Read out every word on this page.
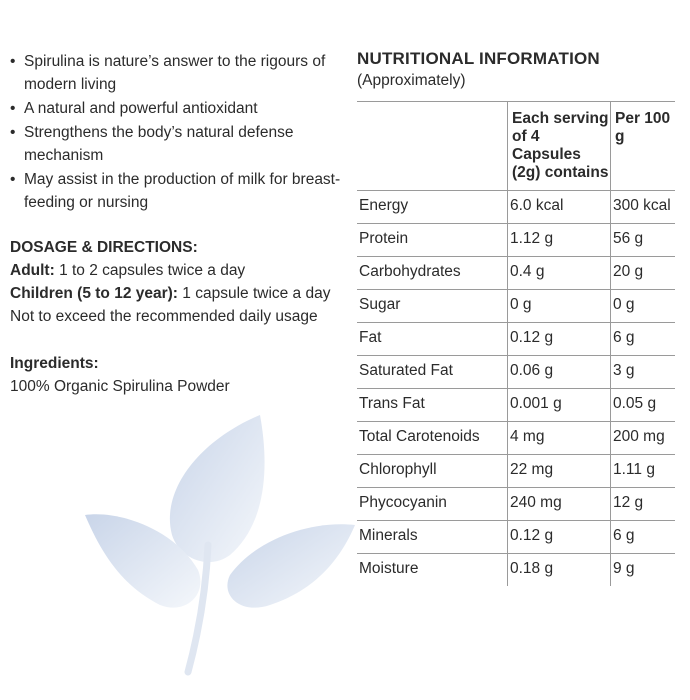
• Spirulina is nature’s answer to the rigours of modern living
• A natural and powerful antioxidant
• Strengthens the body’s natural defense mechanism
• May assist in the production of milk for breast-feeding or nursing
DOSAGE & DIRECTIONS:
Adult: 1 to 2 capsules twice a day
Children (5 to 12 year): 1 capsule twice a day
Not to exceed the recommended daily usage
Ingredients:
100% Organic Spirulina Powder
NUTRITIONAL INFORMATION
(Approximately)
	Each serving of 4 Capsules (2g) contains	Per 100 g
Energy	6.0 kcal	300 kcal
Protein	1.12 g	56 g
Carbohydrates	0.4 g	20 g
Sugar	0 g	0 g
Fat	0.12 g	6 g
Saturated Fat	0.06 g	3 g
Trans Fat	0.001 g	0.05 g
Total Carotenoids	4 mg	200 mg
Chlorophyll	22 mg	1.11 g
Phycocyanin	240 mg	12 g
Minerals	0.12 g	6 g
Moisture	0.18 g	9 g
